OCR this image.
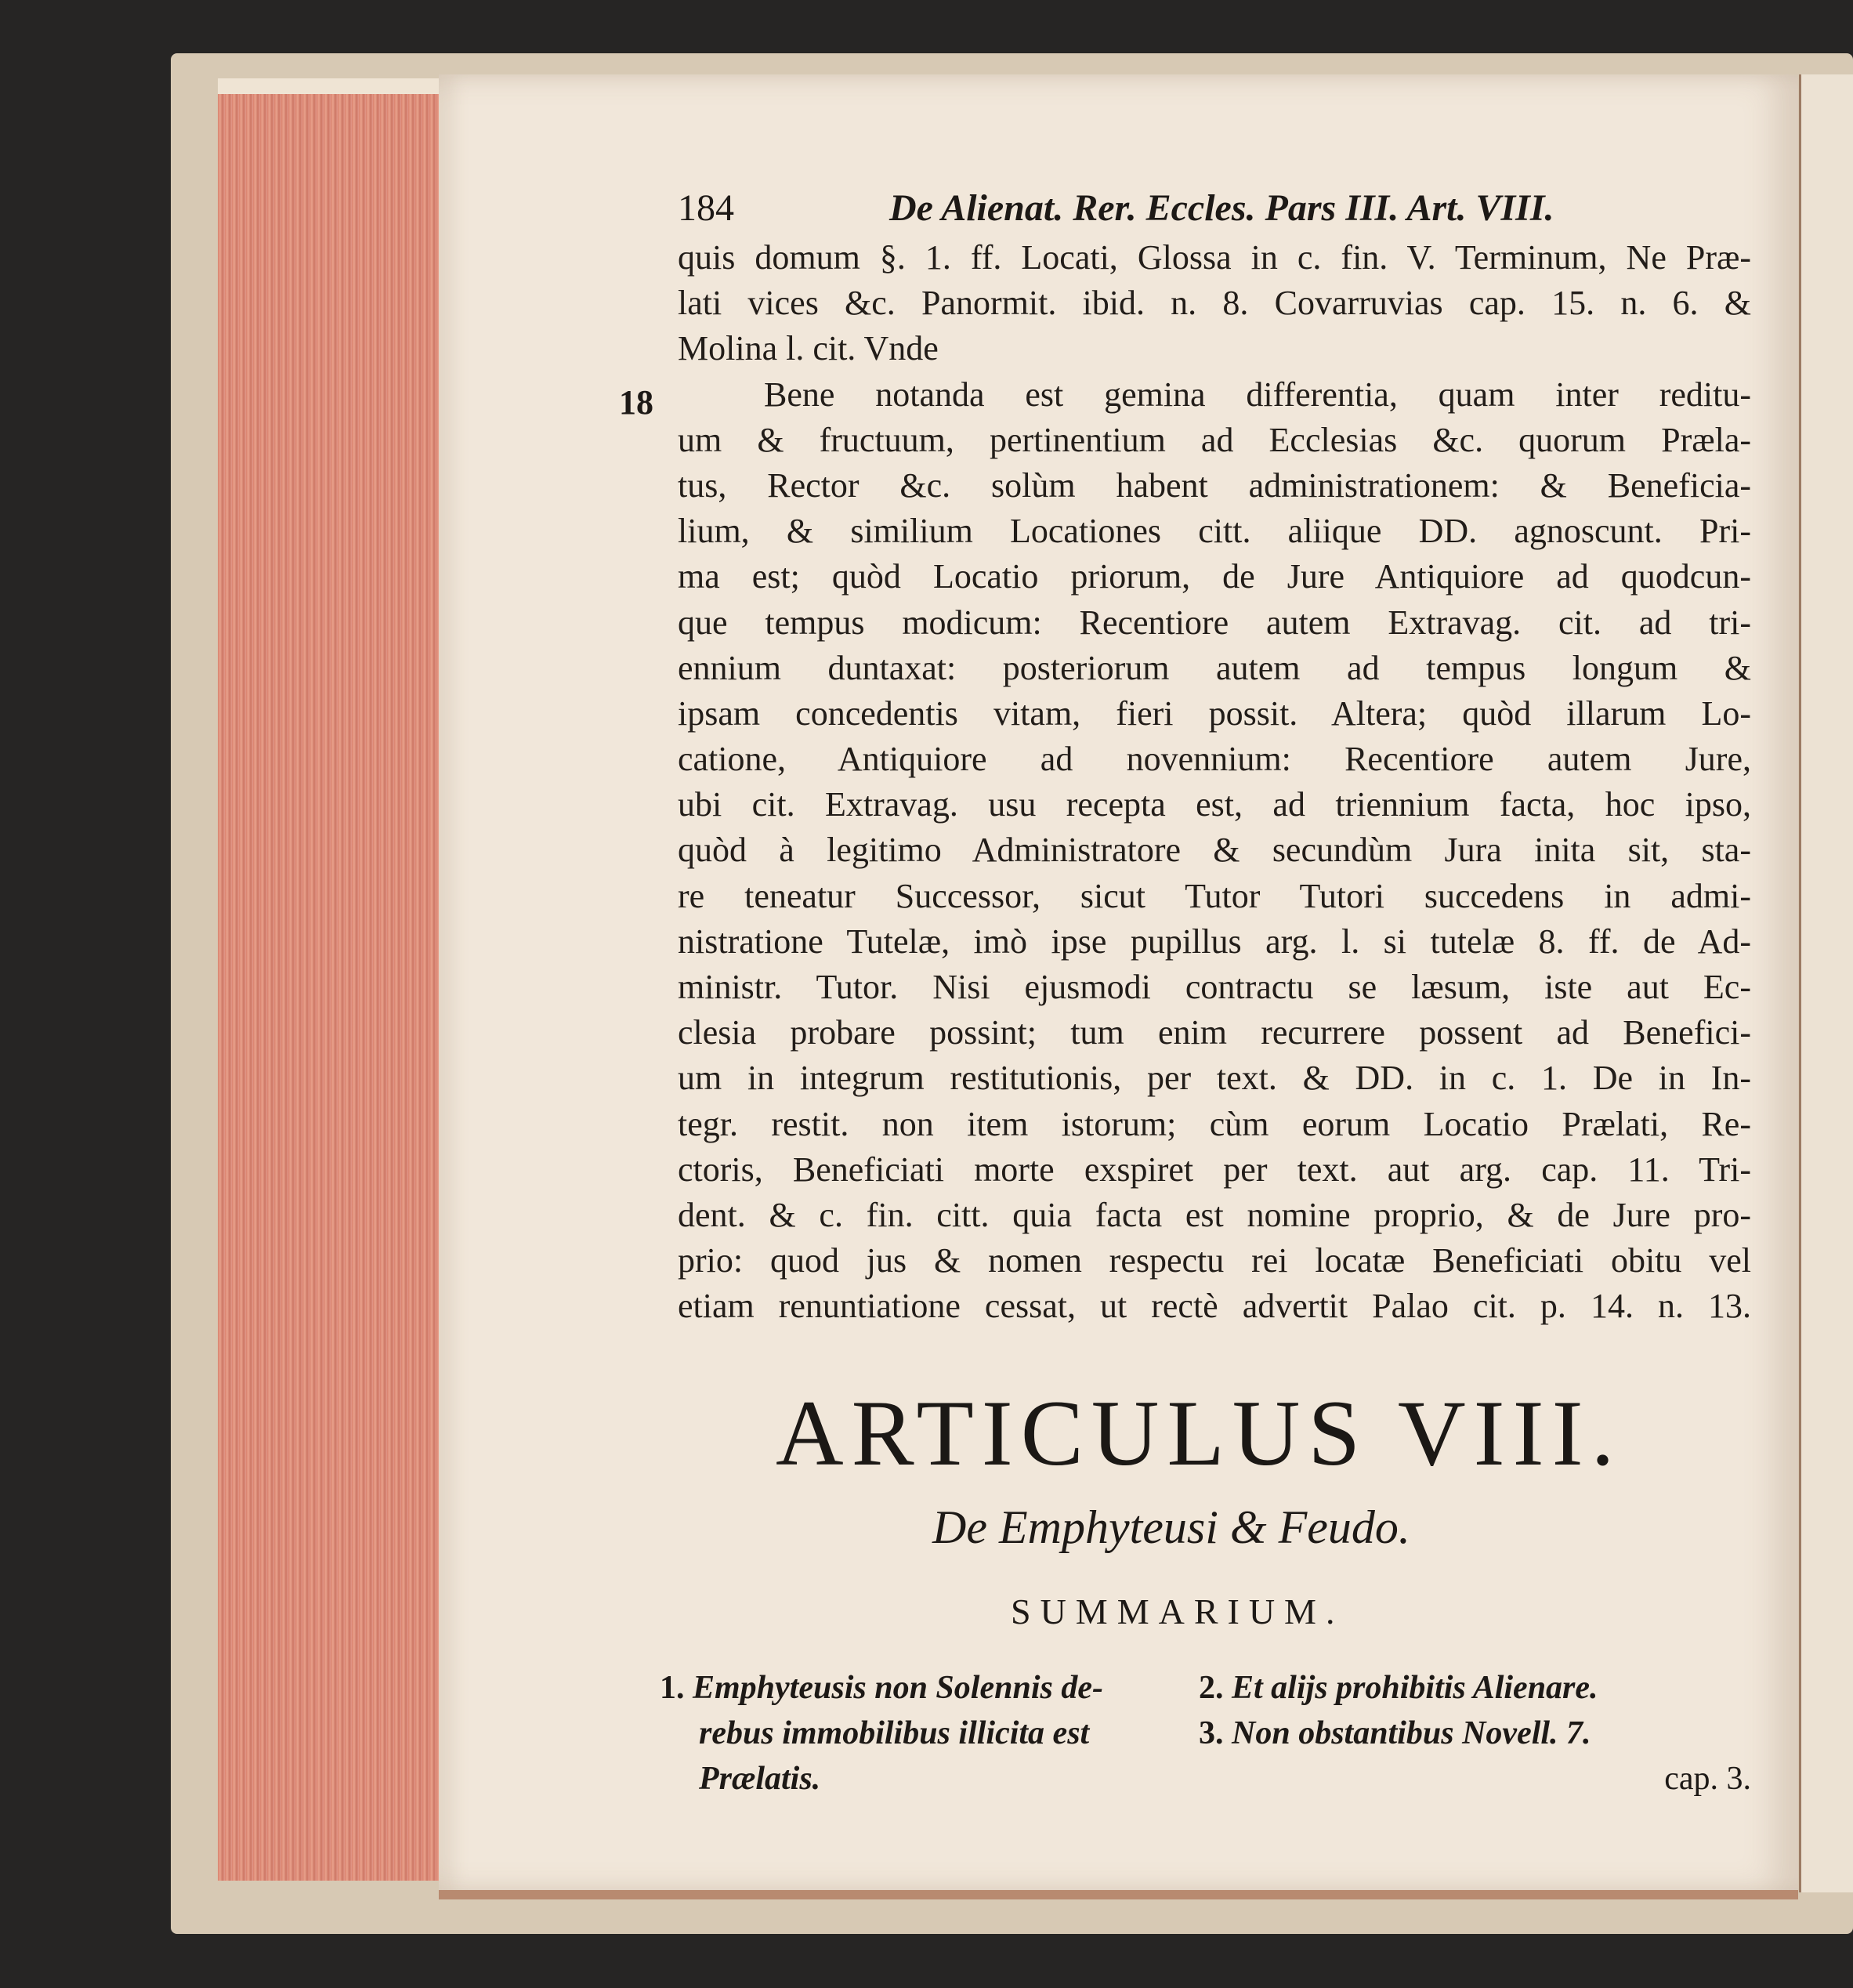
184	De Alienat. Rer. Eccles. Pars III. Art. VIII.
18
quis domum §. 1. ff. Locati, Glossa in c. fin. V. Terminum, Ne Præ-
lati vices &c. Panormit. ibid. n. 8. Covarruvias cap. 15. n. 6. &
Molina l. cit. Vnde
Bene notanda est gemina differentia, quam inter reditu-
um & fructuum, pertinentium ad Ecclesias &c. quorum Præla-
tus, Rector &c. solùm habent administrationem: & Beneficia-
lium, & similium Locationes citt. aliique DD. agnoscunt. Pri-
ma est; quòd Locatio priorum, de Jure Antiquiore ad quodcun-
que tempus modicum: Recentiore autem Extravag. cit. ad tri-
ennium duntaxat: posteriorum autem ad tempus longum &
ipsam concedentis vitam, fieri possit. Altera; quòd illarum Lo-
catione, Antiquiore ad novennium: Recentiore autem Jure,
ubi cit. Extravag. usu recepta est, ad triennium facta, hoc ipso,
quòd à legitimo Administratore & secundùm Jura inita sit, sta-
re teneatur Successor, sicut Tutor Tutori succedens in admi-
nistratione Tutelæ, imò ipse pupillus arg. l. si tutelæ 8. ff. de Ad-
ministr. Tutor. Nisi ejusmodi contractu se læsum, iste aut Ec-
clesia probare possint; tum enim recurrere possent ad Benefici-
um in integrum restitutionis, per text. & DD. in c. 1. De in In-
tegr. restit. non item istorum; cùm eorum Locatio Prælati, Re-
ctoris, Beneficiati morte exspiret per text. aut arg. cap. 11. Tri-
dent. & c. fin. citt. quia facta est nomine proprio, & de Jure pro-
prio: quod jus & nomen respectu rei locatæ Beneficiati obitu vel
etiam renuntiatione cessat, ut rectè advertit Palao cit. p. 14. n. 13.
ARTICULUS VIII.
De Emphyteusi & Feudo.
SUMMARIUM.
1. Emphyteusis non Solennis de-
rebus immobilibus illicita est
Prælatis.
2. Et alijs prohibitis Alienare.
3. Non obstantibus Novell. 7.
cap. 3.
